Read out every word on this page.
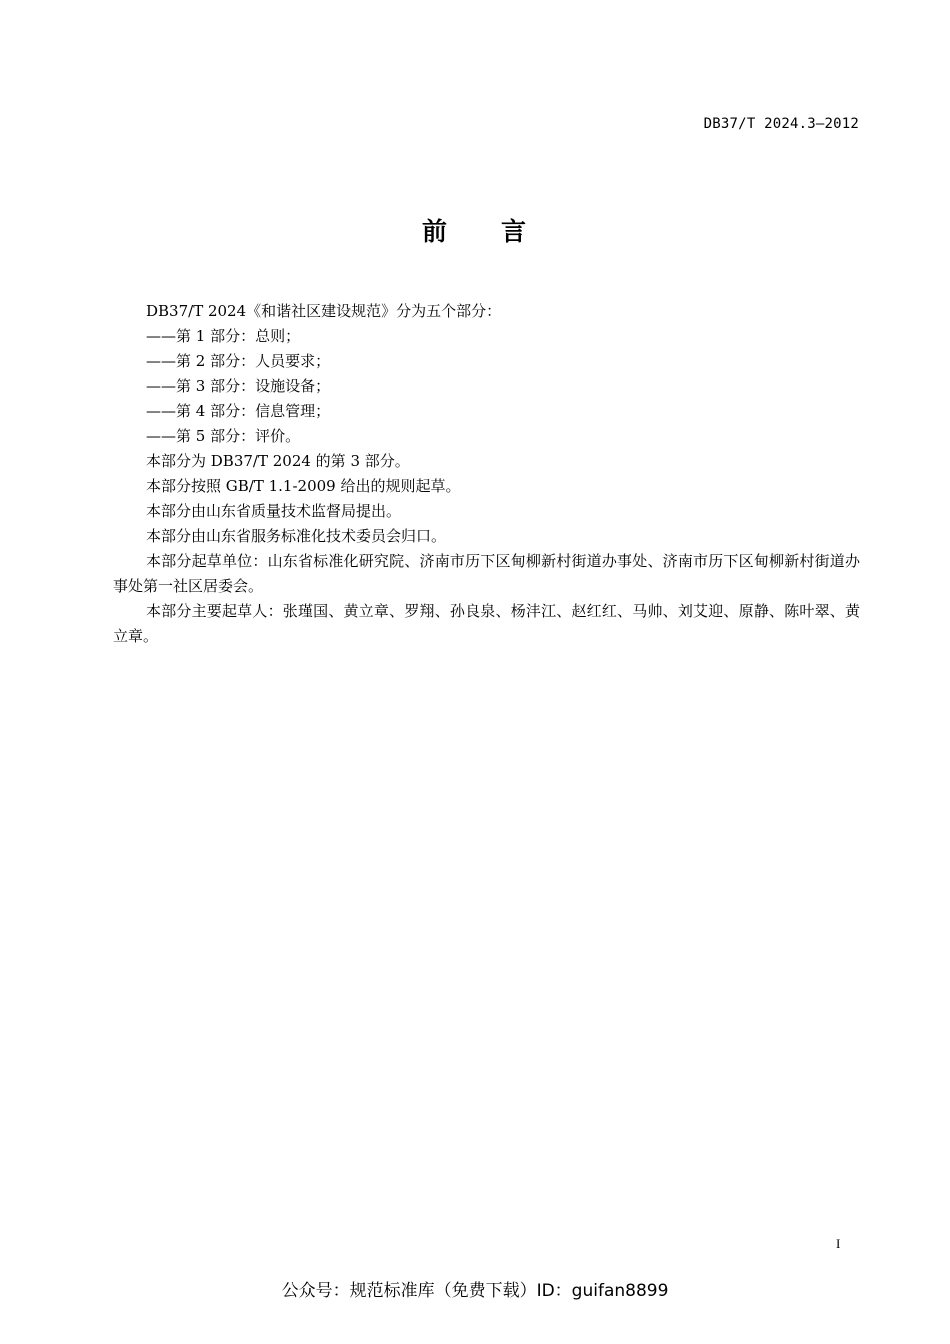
DB37/T 2024.3—2012
前 言

DB37/T 2024《和谐社区建设规范》分为五个部分：

——第 1 部分：总则；

——第 2 部分：人员要求；

——第 3 部分：设施设备；

——第 4 部分：信息管理；

——第 5 部分：评价。

本部分为 DB37/T 2024 的第 3 部分。

本部分按照 GB/T 1.1-2009 给出的规则起草。

本部分由山东省质量技术监督局提出。

本部分由山东省服务标准化技术委员会归口。

本部分起草单位：山东省标准化研究院、济南市历下区甸柳新村街道办事处、济南市历下区甸柳新村街道办事处第一社区居委会。

本部分主要起草人：张瑾国、黄立章、罗翔、孙良泉、杨沣江、赵红红、马帅、刘艾迎、原静、陈叶翠、黄立章。

I
公众号：规范标准库（免费下载）ID：guifan8899
